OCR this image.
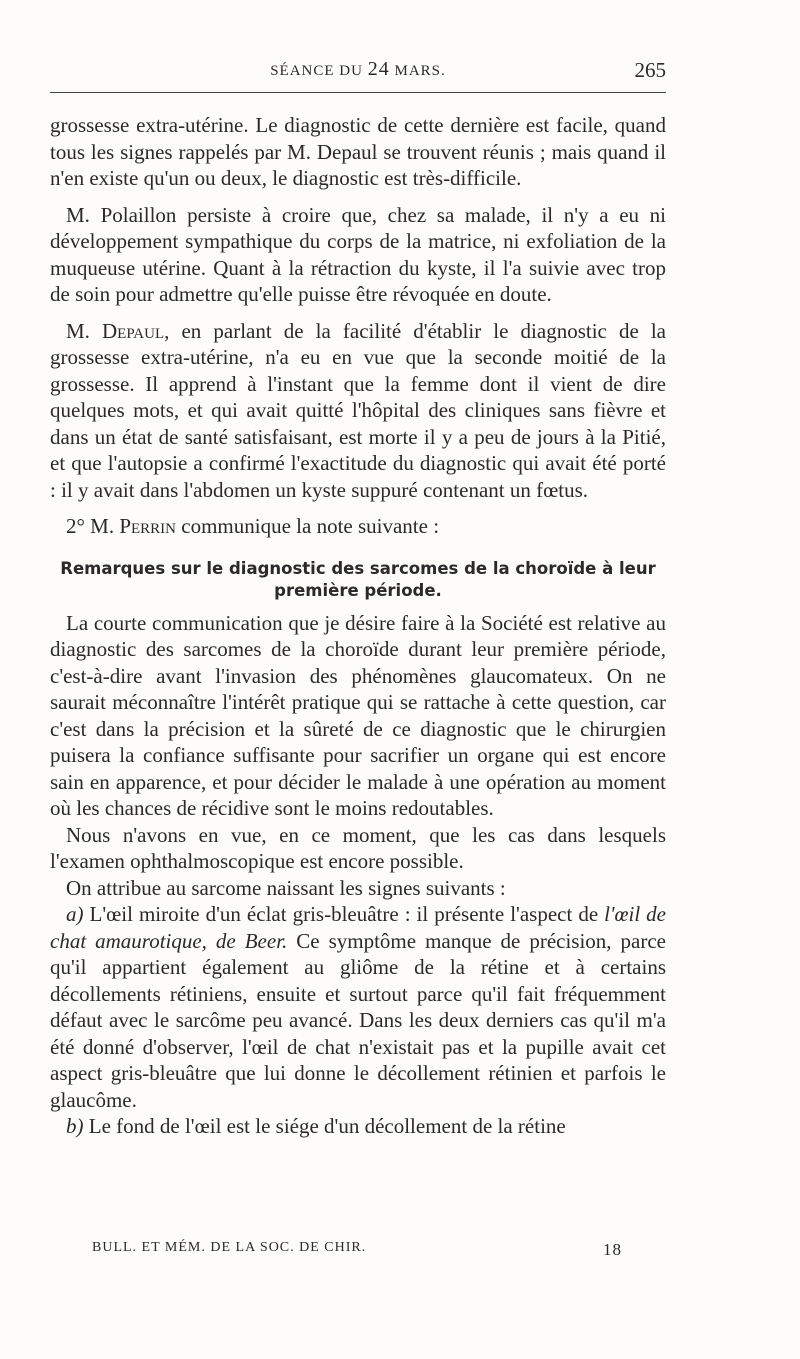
SÉANCE DU 24 MARS.	265

grossesse extra-utérine. Le diagnostic de cette dernière est facile, quand tous les signes rappelés par M. Depaul se trouvent réunis ; mais quand il n'en existe qu'un ou deux, le diagnostic est très-difficile.

M. Polaillon persiste à croire que, chez sa malade, il n'y a eu ni développement sympathique du corps de la matrice, ni exfoliation de la muqueuse utérine. Quant à la rétraction du kyste, il l'a suivie avec trop de soin pour admettre qu'elle puisse être révoquée en doute.

M. Depaul, en parlant de la facilité d'établir le diagnostic de la grossesse extra-utérine, n'a eu en vue que la seconde moitié de la grossesse. Il apprend à l'instant que la femme dont il vient de dire quelques mots, et qui avait quitté l'hôpital des cliniques sans fièvre et dans un état de santé satisfaisant, est morte il y a peu de jours à la Pitié, et que l'autopsie a confirmé l'exactitude du diagnostic qui avait été porté : il y avait dans l'abdomen un kyste suppuré contenant un fœtus.

2° M. Perrin communique la note suivante :

Remarques sur le diagnostic des sarcomes de la choroïde à leur première période.

La courte communication que je désire faire à la Société est relative au diagnostic des sarcomes de la choroïde durant leur première période, c'est-à-dire avant l'invasion des phénomènes glaucomateux. On ne saurait méconnaître l'intérêt pratique qui se rattache à cette question, car c'est dans la précision et la sûreté de ce diagnostic que le chirurgien puisera la confiance suffisante pour sacrifier un organe qui est encore sain en apparence, et pour décider le malade à une opération au moment où les chances de récidive sont le moins redoutables.

Nous n'avons en vue, en ce moment, que les cas dans lesquels l'examen ophthalmoscopique est encore possible.

On attribue au sarcome naissant les signes suivants :

a) L'œil miroite d'un éclat gris-bleuâtre : il présente l'aspect de l'œil de chat amaurotique, de Beer. Ce symptôme manque de précision, parce qu'il appartient également au gliôme de la rétine et à certains décollements rétiniens, ensuite et surtout parce qu'il fait fréquemment défaut avec le sarcôme peu avancé. Dans les deux derniers cas qu'il m'a été donné d'observer, l'œil de chat n'existait pas et la pupille avait cet aspect gris-bleuâtre que lui donne le décollement rétinien et parfois le glaucôme.

b) Le fond de l'œil est le siége d'un décollement de la rétine

BULL. ET MÉM. DE LA SOC. DE CHIR.	18
